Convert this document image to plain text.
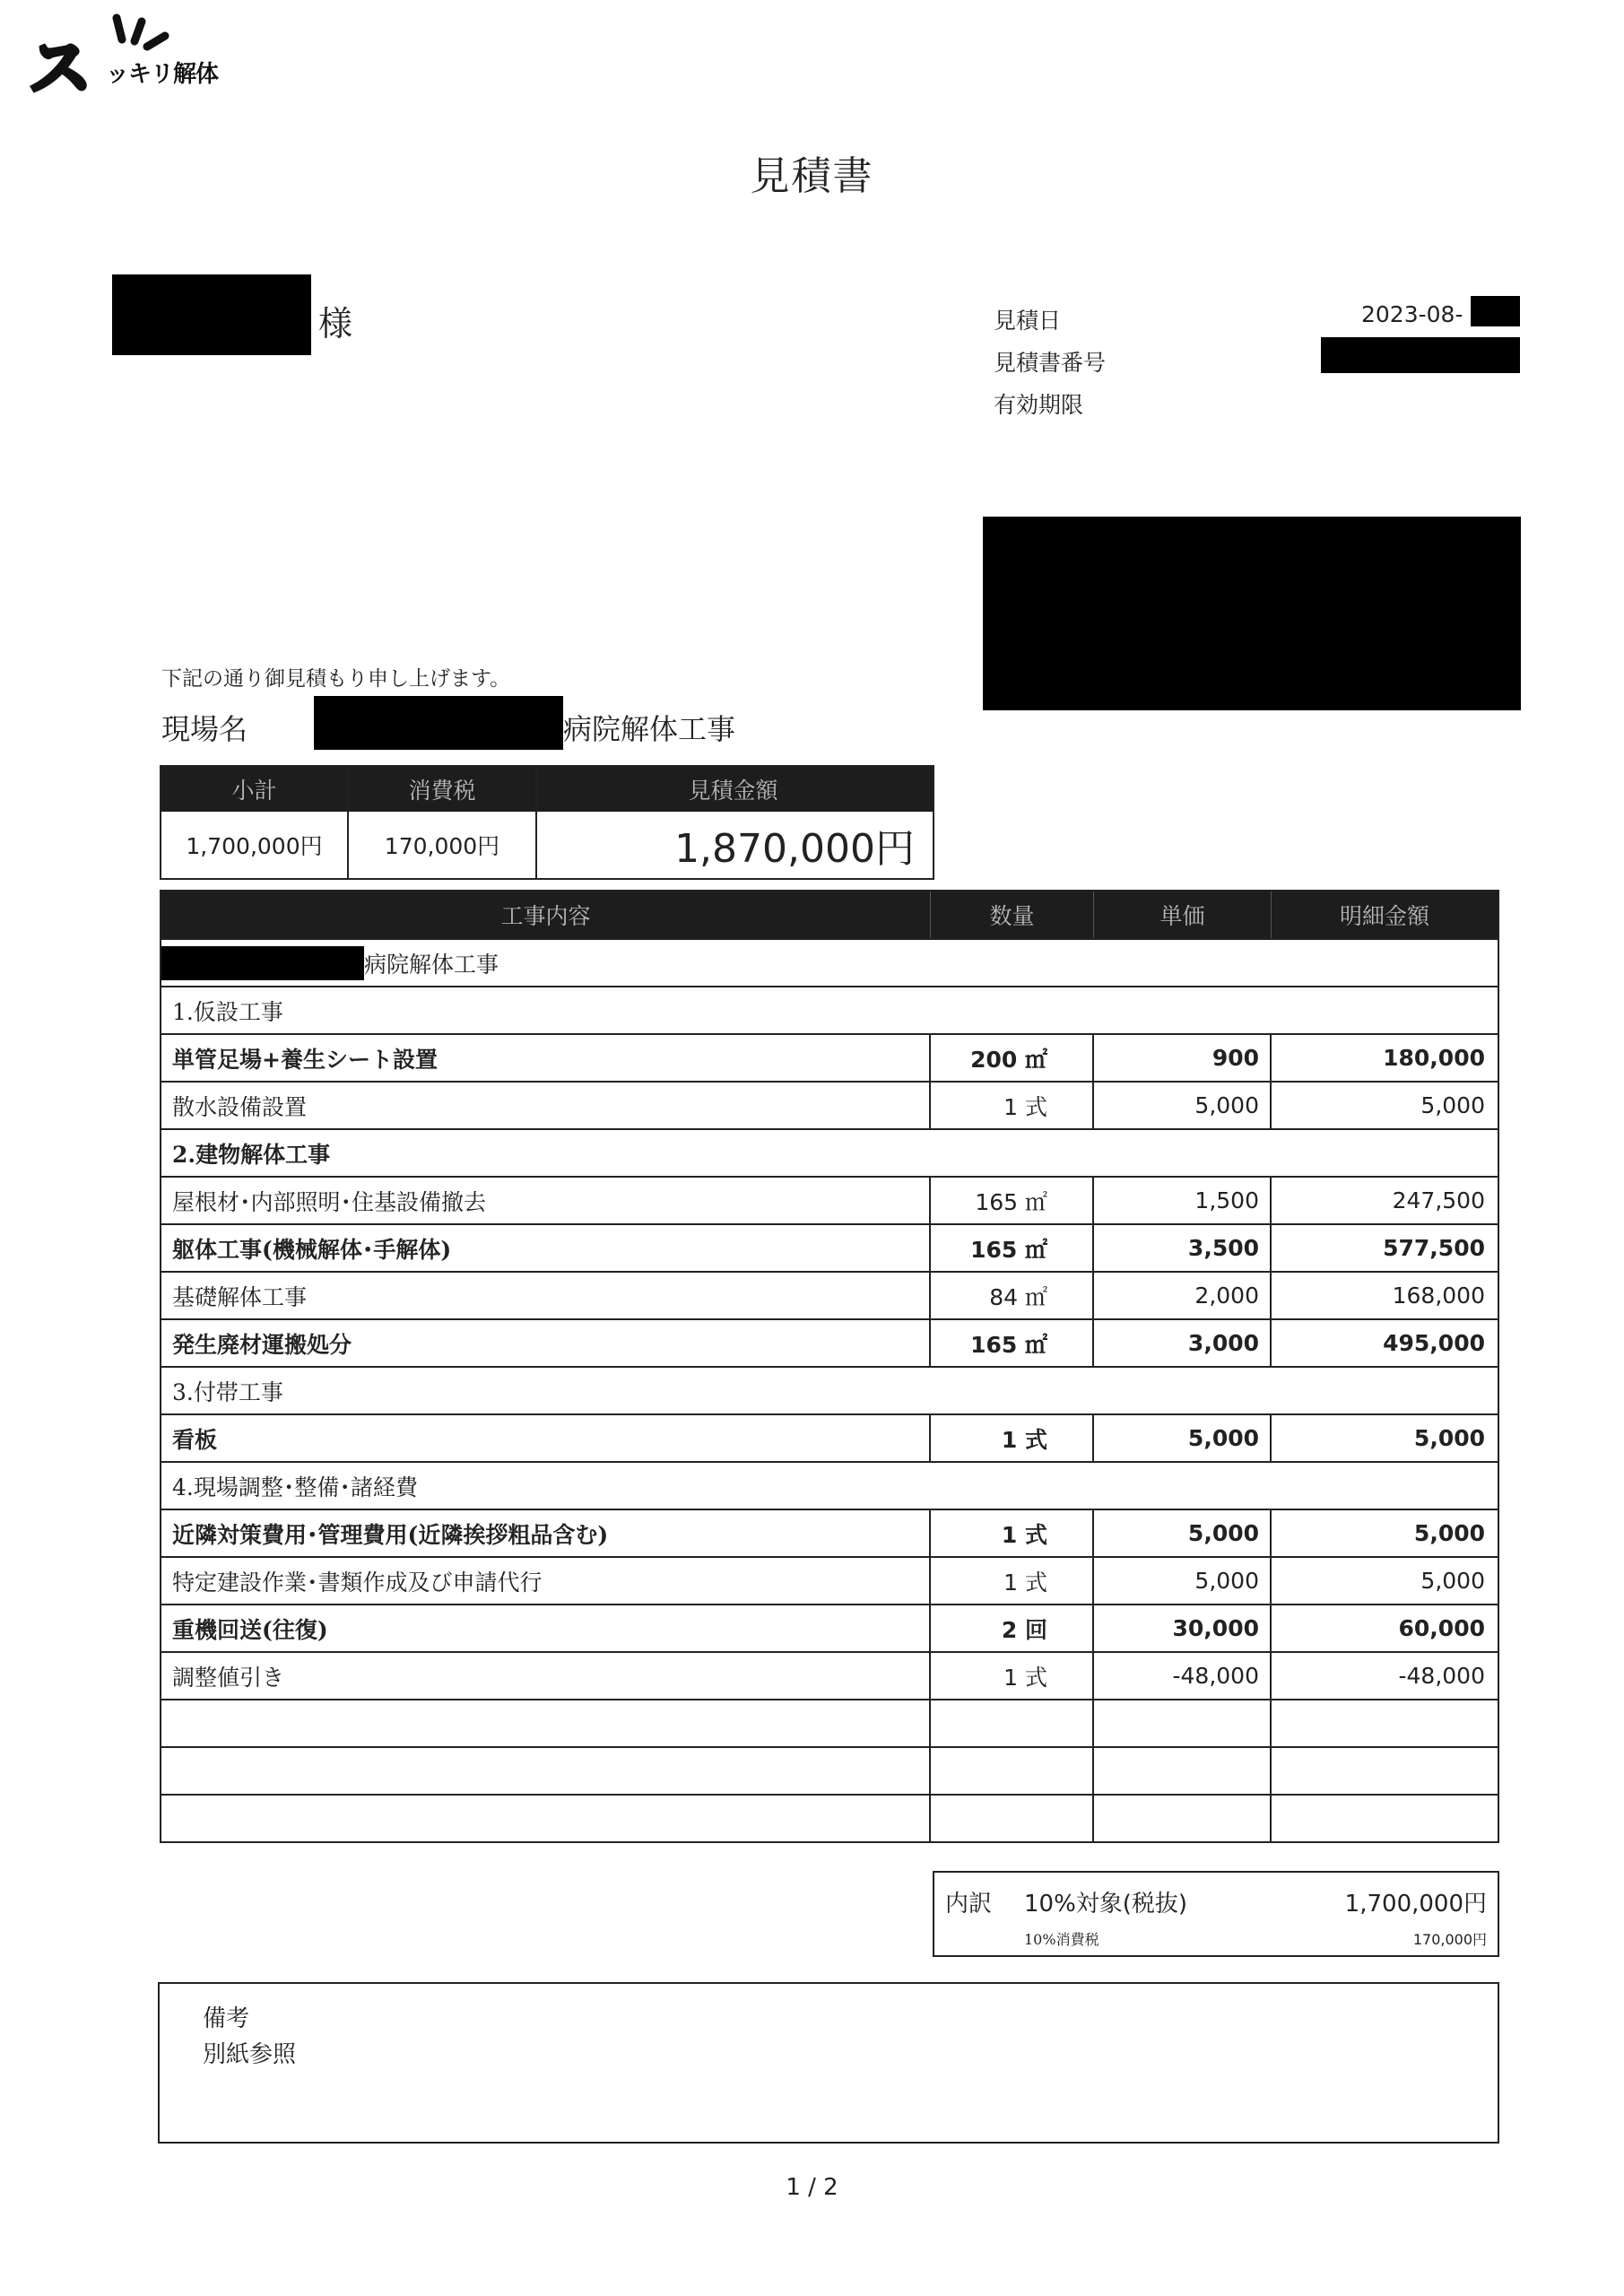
ス ッキリ解体
見積書
様	見積日	2023-08-
見積書番号
有効期限
下記の通り御見積もり申し上げます。
現場名	病院解体工事
小計	消費税	見積金額
1,700,000円	170,000円	1,870,000円
工事内容	数量	単価	明細金額
病院解体工事
1.仮設工事
単管足場+養生シート設置	200 ㎡	900	180,000
散水設備設置	1 式	5,000	5,000
2.建物解体工事
屋根材･内部照明･住基設備撤去	165 ㎡	1,500	247,500
躯体工事(機械解体･手解体)	165 ㎡	3,500	577,500
基礎解体工事	84 ㎡	2,000	168,000
発生廃材運搬処分	165 ㎡	3,000	495,000
3.付帯工事
看板	1 式	5,000	5,000
4.現場調整･整備･諸経費
近隣対策費用･管理費用(近隣挨拶粗品含む)	1 式	5,000	5,000
特定建設作業･書類作成及び申請代行	1 式	5,000	5,000
重機回送(往復)	2 回	30,000	60,000
調整値引き	1 式	-48,000	-48,000
内訳 10%対象(税抜)	1,700,000円
10%消費税	170,000円
備考
別紙参照
1 / 2
